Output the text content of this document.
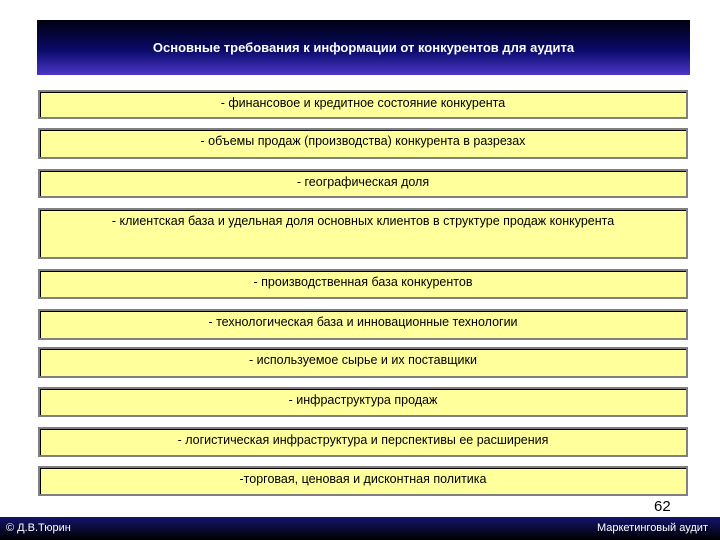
Основные требования к информации от конкурентов для аудита
- финансовое и кредитное состояние конкурента
- объемы продаж (производства) конкурента в разрезах
- географическая доля
- клиентская база и удельная доля основных клиентов в структуре продаж конкурента
- производственная база конкурентов
- технологическая база и инновационные технологии
- используемое сырье и их поставщики
- инфраструктура продаж
- логистическая инфраструктура и перспективы ее расширения
-торговая, ценовая и дисконтная политика
62
© Д.В.Тюрин	Маркетинговый аудит
